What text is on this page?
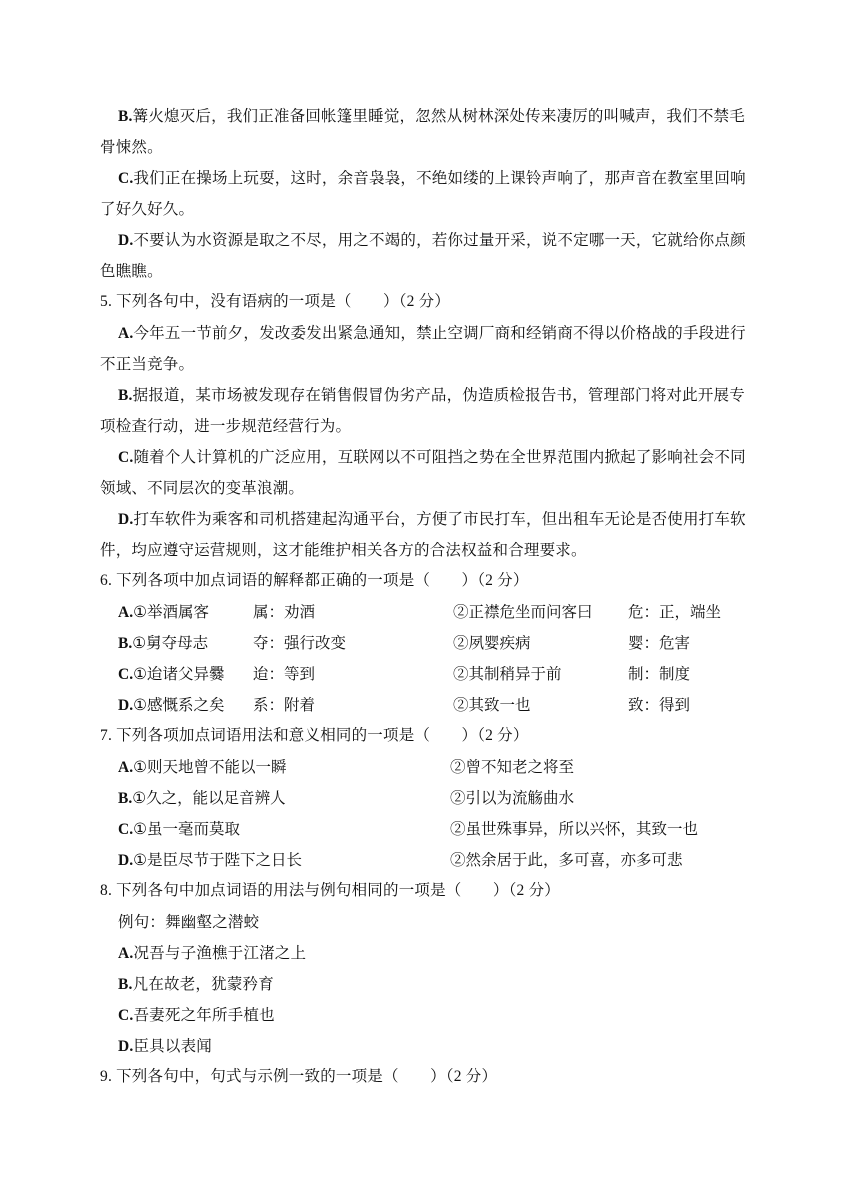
B.篝火熄灭后，我们正准备回帐篷里睡觉，忽然从树林深处传来凄厉的叫喊声，我们不禁毛
骨悚然。
C.我们正在操场上玩耍，这时，余音袅袅，不绝如缕的上课铃声响了，那声音在教室里回响
了好久好久。
D.不要认为水资源是取之不尽，用之不竭的，若你过量开采，说不定哪一天，它就给你点颜
色瞧瞧。
5. 下列各句中，没有语病的一项是（　　）（2 分）
A.今年五一节前夕，发改委发出紧急通知，禁止空调厂商和经销商不得以价格战的手段进行
不正当竞争。
B.据报道，某市场被发现存在销售假冒伪劣产品，伪造质检报告书，管理部门将对此开展专
项检查行动，进一步规范经营行为。
C.随着个人计算机的广泛应用，互联网以不可阻挡之势在全世界范围内掀起了影响社会不同
领域、不同层次的变革浪潮。
D.打车软件为乘客和司机搭建起沟通平台，方便了市民打车，但出租车无论是否使用打车软
件，均应遵守运营规则，这才能维护相关各方的合法权益和合理要求。
6. 下列各项中加点词语的解释都正确的一项是（　　）（2 分）
A.①举酒属客	属：劝酒	②正襟危坐而问客曰 危：正，端坐
B.①舅夺母志	夺：强行改变	②夙婴疾病	婴：危害
C.①迨诸父异爨 迨：等到	②其制稍异于前	制：制度
D.①感慨系之矣 系：附着	②其致一也	致：得到
7. 下列各项加点词语用法和意义相同的一项是（　　）（2 分）
A.①则天地曾不能以一瞬	②曾不知老之将至
B.①久之，能以足音辨人	②引以为流觞曲水
C.①虽一毫而莫取	②虽世殊事异，所以兴怀，其致一也
D.①是臣尽节于陛下之日长	②然余居于此，多可喜，亦多可悲
8. 下列各句中加点词语的用法与例句相同的一项是（　　）（2 分）
例句：舞幽壑之潜蛟
A.况吾与子渔樵于江渚之上
B.凡在故老，犹蒙矜育
C.吾妻死之年所手植也
D.臣具以表闻
9. 下列各句中，句式与示例一致的一项是（　　）（2 分）
